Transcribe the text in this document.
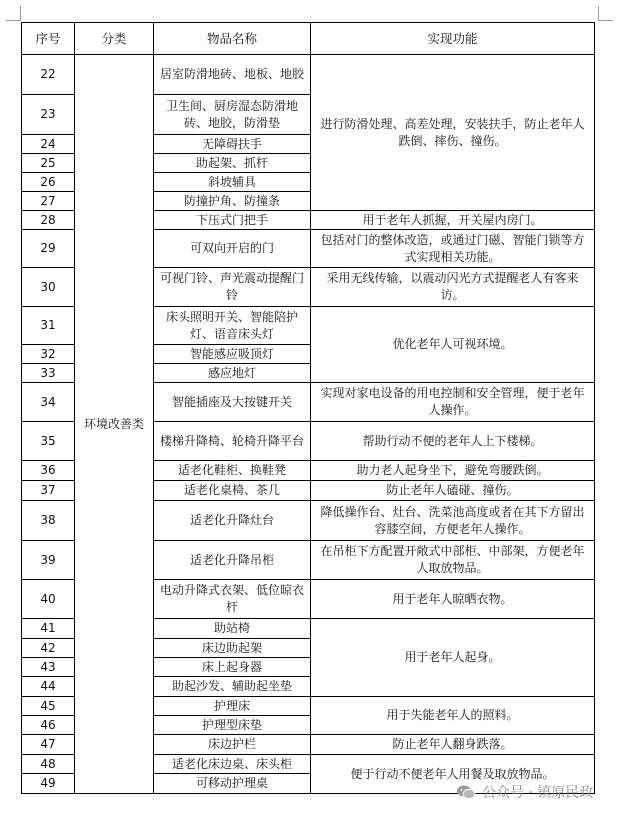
序号	分类	物品名称	实现功能
22	环境改善类	居室防滑地砖、地板、地胶	进行防滑处理、高差处理，安装扶手，防止老年人跌倒、摔伤、撞伤。
23		卫生间、厨房湿态防滑地砖、地胶，防滑垫	
24		无障碍扶手	
25		助起架、抓杆	
26		斜坡辅具	
27		防撞护角、防撞条	
28		下压式门把手	用于老年人抓握，开关屋内房门。
29		可双向开启的门	包括对门的整体改造，或通过门磁、智能门锁等方式实现相关功能。
30		可视门铃、声光震动提醒门铃	采用无线传输，以震动闪光方式提醒老人有客来访。
31		床头照明开关、智能陪护灯、语音床头灯	优化老年人可视环境。
32		智能感应吸顶灯	
33		感应地灯	
34		智能插座及大按键开关	实现对家电设备的用电控制和安全管理，便于老年人操作。
35		楼梯升降椅、轮椅升降平台	帮助行动不便的老年人上下楼梯。
36		适老化鞋柜、换鞋凳	助力老人起身坐下，避免弯腰跌倒。
37		适老化桌椅、茶几	防止老年人磕碰、撞伤。
38		适老化升降灶台	降低操作台、灶台、洗菜池高度或者在其下方留出容膝空间，方便老年人操作。
39		适老化升降吊柜	在吊柜下方配置开敞式中部柜、中部架，方便老年人取放物品。
40		电动升降式衣架、低位晾衣杆	用于老年人晾晒衣物。
41		助站椅	用于老年人起身。
42		床边助起架	
43		床上起身器	
44		助起沙发、辅助起坐垫	
45		护理床	用于失能老年人的照料。
46		护理型床垫	
47		床边护栏	防止老年人翻身跌落。
48		适老化床边桌、床头柜	便于行动不便老年人用餐及取放物品。
49		可移动护理桌	
公众号 · 镇原民政
